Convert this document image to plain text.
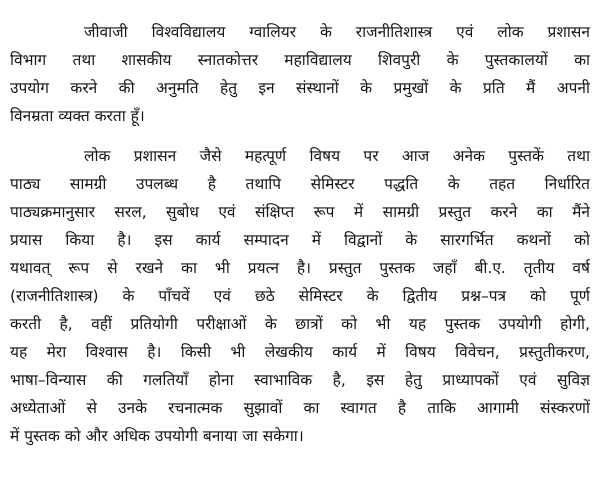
जीवाजी विश्वविद्यालय ग्वालियर के राजनीतिशास्त्र एवं लोक प्रशासन
विभाग तथा शासकीय स्नातकोत्तर महाविद्यालय शिवपुरी के पुस्तकालयों का
उपयोग करने की अनुमति हेतु इन संस्थानों के प्रमुखों के प्रति मैं अपनी
विनम्रता व्यक्त करता हूँ।
लोक प्रशासन जैसे महत्पूर्ण विषय पर आज अनेक पुस्तकें तथा
पाठ्य सामग्री उपलब्ध है तथापि सेमिस्टर पद्धति के तहत निर्धारित
पाठ्यक्रमानुसार सरल, सुबोध एवं संक्षिप्त रूप में सामग्री प्रस्तुत करने का मैंने
प्रयास किया है। इस कार्य सम्पादन में विद्वानों के सारगर्भित कथनों को
यथावत् रूप से रखने का भी प्रयत्न है। प्रस्तुत पुस्तक जहाँ बी.ए. तृतीय वर्ष
(राजनीतिशास्त्र) के पाँचवें एवं छठे सेमिस्टर के द्वितीय प्रश्न–पत्र को पूर्ण
करती है, वहीं प्रतियोगी परीक्षाओं के छात्रों को भी यह पुस्तक उपयोगी होगी,
यह मेरा विश्वास है। किसी भी लेखकीय कार्य में विषय विवेचन, प्रस्तुतीकरण,
भाषा–विन्यास की गलतियाँ होना स्वाभाविक है, इस हेतु प्राध्यापकों एवं सुविज्ञ
अध्येताओं से उनके रचनात्मक सुझावों का स्वागत है ताकि आगामी संस्करणों
में पुस्तक को और अधिक उपयोगी बनाया जा सकेगा।
